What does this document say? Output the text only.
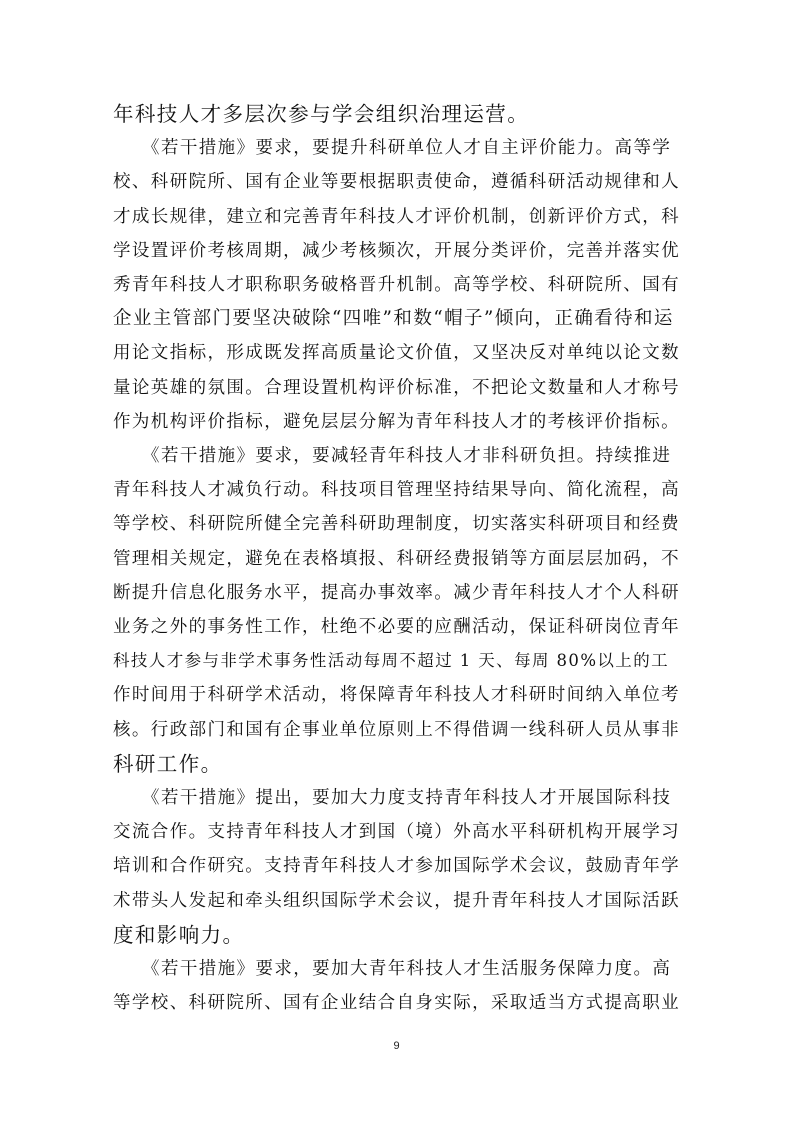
年科技人才多层次参与学会组织治理运营。
　　《若干措施》要求，要提升科研单位人才自主评价能力。高等学
校、科研院所、国有企业等要根据职责使命，遵循科研活动规律和人
才成长规律，建立和完善青年科技人才评价机制，创新评价方式，科
学设置评价考核周期，减少考核频次，开展分类评价，完善并落实优
秀青年科技人才职称职务破格晋升机制。高等学校、科研院所、国有
企业主管部门要坚决破除“四唯”和数“帽子”倾向，正确看待和运
用论文指标，形成既发挥高质量论文价值，又坚决反对单纯以论文数
量论英雄的氛围。合理设置机构评价标准，不把论文数量和人才称号
作为机构评价指标，避免层层分解为青年科技人才的考核评价指标。
　　《若干措施》要求，要减轻青年科技人才非科研负担。持续推进
青年科技人才减负行动。科技项目管理坚持结果导向、简化流程，高
等学校、科研院所健全完善科研助理制度，切实落实科研项目和经费
管理相关规定，避免在表格填报、科研经费报销等方面层层加码，不
断提升信息化服务水平，提高办事效率。减少青年科技人才个人科研
业务之外的事务性工作，杜绝不必要的应酬活动，保证科研岗位青年
科技人才参与非学术事务性活动每周不超过 1 天、每周 80%以上的工
作时间用于科研学术活动，将保障青年科技人才科研时间纳入单位考
核。行政部门和国有企事业单位原则上不得借调一线科研人员从事非
科研工作。
　　《若干措施》提出，要加大力度支持青年科技人才开展国际科技
交流合作。支持青年科技人才到国（境）外高水平科研机构开展学习
培训和合作研究。支持青年科技人才参加国际学术会议，鼓励青年学
术带头人发起和牵头组织国际学术会议，提升青年科技人才国际活跃
度和影响力。
　　《若干措施》要求，要加大青年科技人才生活服务保障力度。高
等学校、科研院所、国有企业结合自身实际，采取适当方式提高职业
9
